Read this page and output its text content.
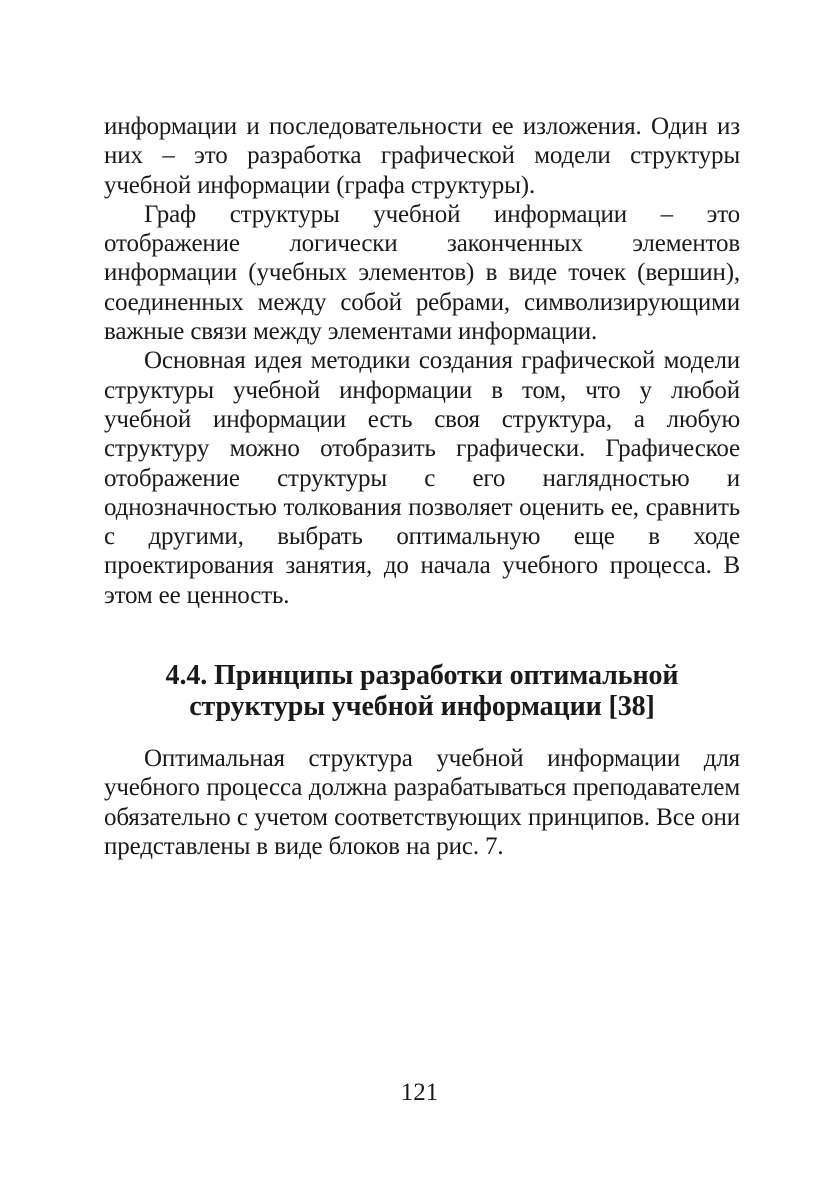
информации и последовательности ее изложения. Один из них – это разработка графической модели структуры учебной информации (графа структуры).

Граф структуры учебной информации – это отображение логически законченных элементов информации (учебных элементов) в виде точек (вершин), соединенных между собой ребрами, символизирующими важные связи между элементами информации.

Основная идея методики создания графической модели структуры учебной информации в том, что у любой учебной информации есть своя структура, а любую структуру можно отобразить графически. Графическое отображение структуры с его наглядностью и однозначностью толкования позволяет оценить ее, сравнить с другими, выбрать оптимальную еще в ходе проектирования занятия, до начала учебного процесса. В этом ее ценность.

4.4. Принципы разработки оптимальной
структуры учебной информации [38]

Оптимальная структура учебной информации для учебного процесса должна разрабатываться преподавателем обязательно с учетом соответствующих принципов. Все они представлены в виде блоков на рис. 7.

121
